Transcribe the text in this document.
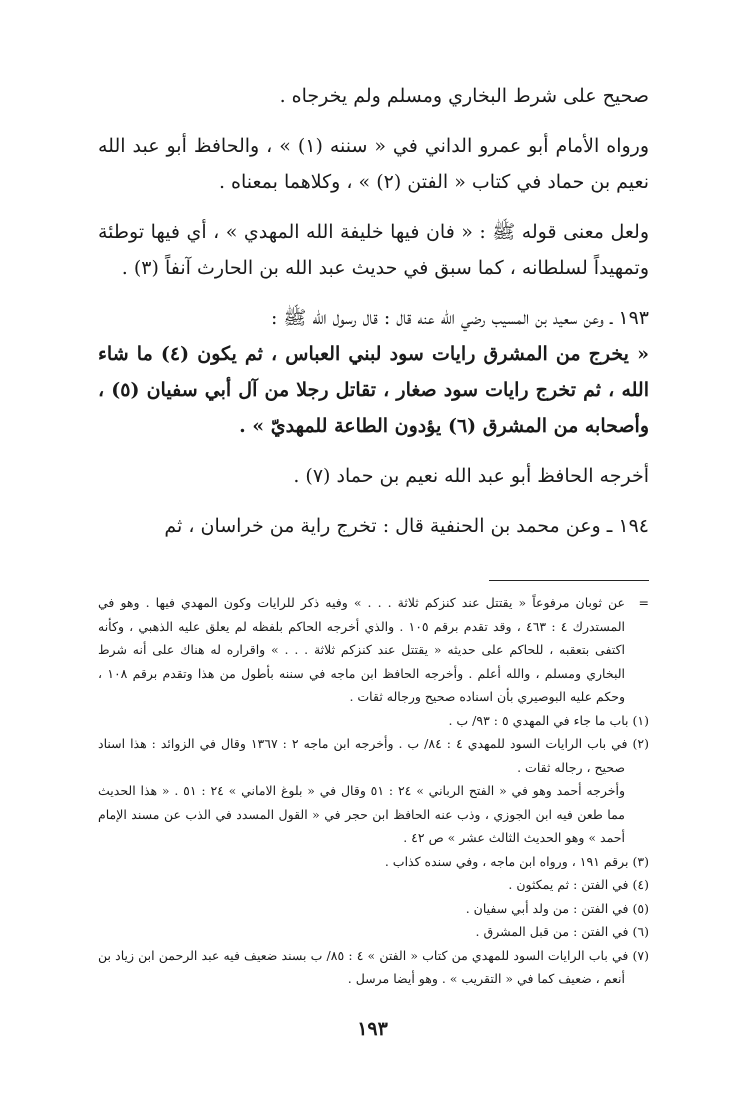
صحيح على شرط البخاري ومسلم ولم يخرجاه .

ورواه الأمام أبو عمرو الداني في « سننه (١) » ، والحافظ أبو عبد الله نعيم بن حماد في كتاب « الفتن (٢) » ، وكلاهما بمعناه .

ولعل معنى قوله ﷺ : « فان فيها خليفة الله المهدي » ، أي فيها توطئة وتمهيداً لسلطانه ، كما سبق في حديث عبد الله بن الحارث آنفاً (٣) .

١٩٣ ـ وعن سعيد بن المسيب رضي الله عنه قال : قال رسول الله ﷺ :

« يخرج من المشرق رايات سود لبني العباس ، ثم يكون (٤) ما شاء الله ، ثم تخرج رايات سود صغار ، تقاتل رجلا من آل أبي سفيان (٥) ، وأصحابه من المشرق (٦) يؤدون الطاعة للمهديّ » .

أخرجه الحافظ أبو عبد الله نعيم بن حماد (٧) .

١٩٤ ـ وعن محمد بن الحنفية قال : تخرج راية من خراسان ، ثم

=
عن ثوبان مرفوعاً « يقتتل عند كنزكم ثلاثة . . . » وفيه ذكر للرايات وكون المهدي فيها . وهو في المستدرك ٤ : ٤٦٣ ، وقد تقدم برقم ١٠٥ . والذي أخرجه الحاكم بلفظه لم يعلق عليه الذهبي ، وكأنه اكتفى بتعقبه ، للحاكم على حديثه « يقتتل عند كنزكم ثلاثة . . . » واقراره له هناك على أنه شرط البخاري ومسلم ، والله أعلم . وأخرجه الحافظ ابن ماجه في سننه بأطول من هذا وتقدم برقم ١٠٨ ، وحكم عليه البوصيري بأن اسناده صحيح ورجاله ثقات .

(١) باب ما جاء في المهدي ٥ : ٩٣/ ب .

(٢) في باب الرايات السود للمهدي ٤ : ٨٤/ ب . وأخرجه ابن ماجه ٢ : ١٣٦٧ وقال في الزوائد : هذا اسناد صحيح ، رجاله ثقات .

وأخرجه أحمد وهو في « الفتح الرباني » ٢٤ : ٥١ وقال في « بلوغ الاماني » ٢٤ : ٥١ . « هذا الحديث مما طعن فيه ابن الجوزي ، وذب عنه الحافظ ابن حجر في « القول المسدد في الذب عن مسند الإمام أحمد » وهو الحديث الثالث عشر » ص ٤٢ .

(٣) برقم ١٩١ ، ورواه ابن ماجه ، وفي سنده كذاب .

(٤) في الفتن : ثم يمكثون .

(٥) في الفتن : من ولد أبي سفيان .

(٦) في الفتن : من قبل المشرق .

(٧) في باب الرايات السود للمهدي من كتاب « الفتن » ٤ : ٨٥/ ب بسند ضعيف فيه عبد الرحمن ابن زياد بن أنعم ، ضعيف كما في « التقريب » . وهو أيضا مرسل .

١٩٣
